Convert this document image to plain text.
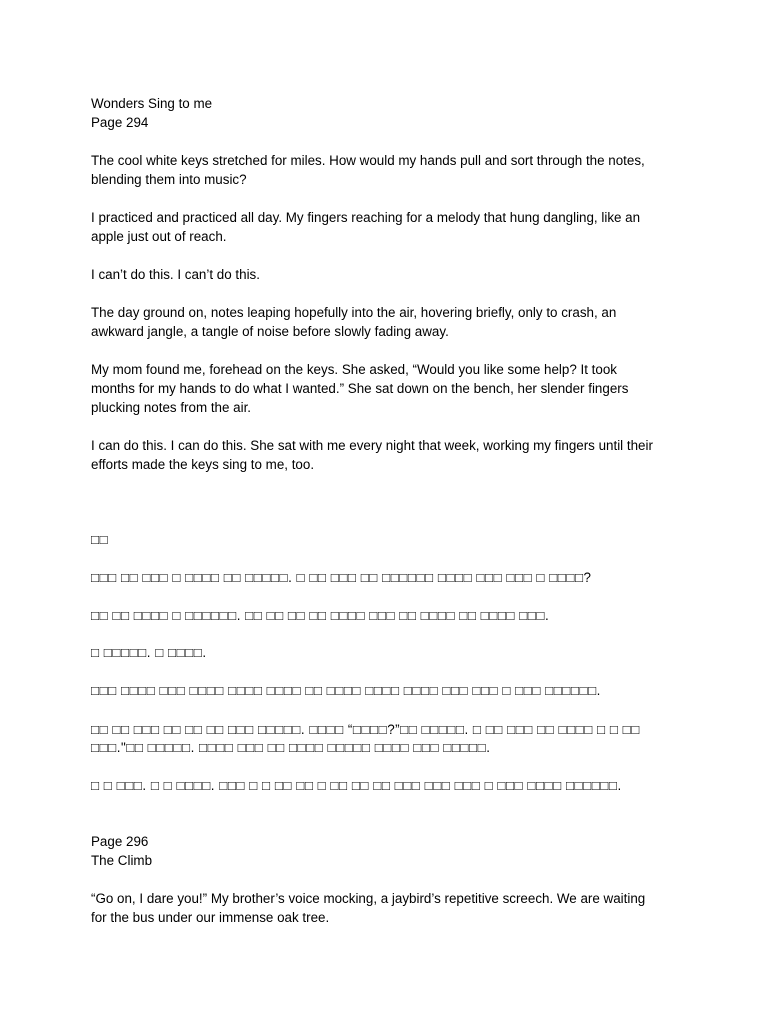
Wonders Sing to me
Page 294
The cool white keys stretched for miles. How would my hands pull and sort through the notes,
blending them into music?
I practiced and practiced all day. My fingers reaching for a melody that hung dangling, like an
apple just out of reach.
I can’t do this. I can’t do this.
The day ground on, notes leaping hopefully into the air, hovering briefly, only to crash, an
awkward jangle, a tangle of noise before slowly fading away.
My mom found me, forehead on the keys. She asked, “Would you like some help? It took
months for my hands to do what I wanted.” She sat down on the bench, her slender fingers
plucking notes from the air.
I can do this. I can do this. She sat with me every night that week, working my fingers until their
efforts made the keys sing to me, too.
□□
□□□ □□ □□□ □ □□□□ □□ □□□□□. □ □□ □□□ □□ □□□□□□ □□□□ □□□ □□□ □ □□□□?
□□ □□ □□□□ □ □□□□□□. □□ □□ □□ □□ □□□□ □□□ □□ □□□□ □□ □□□□ □□□.
□ □□□□□. □ □□□□.
□□□ □□□□ □□□ □□□□ □□□□ □□□□ □□ □□□□ □□□□ □□□□ □□□ □□□ □ □□□ □□□□□□.
□□ □□ □□□ □□ □□ □□ □□□ □□□□□. □□□□ “□□□□?”□□ □□□□□. □ □□ □□□ □□ □□□□ □ □ □□
□□□."□□ □□□□□. □□□□ □□□ □□ □□□□ □□□□□ □□□□ □□□ □□□□□.
□ □ □□□. □ □ □□□□. □□□ □ □ □□ □□ □ □□ □□ □□ □□□ □□□ □□□ □ □□□ □□□□ □□□□□□.
Page 296
The Climb
“Go on, I dare you!” My brother’s voice mocking, a jaybird’s repetitive screech. We are waiting
for the bus under our immense oak tree.
